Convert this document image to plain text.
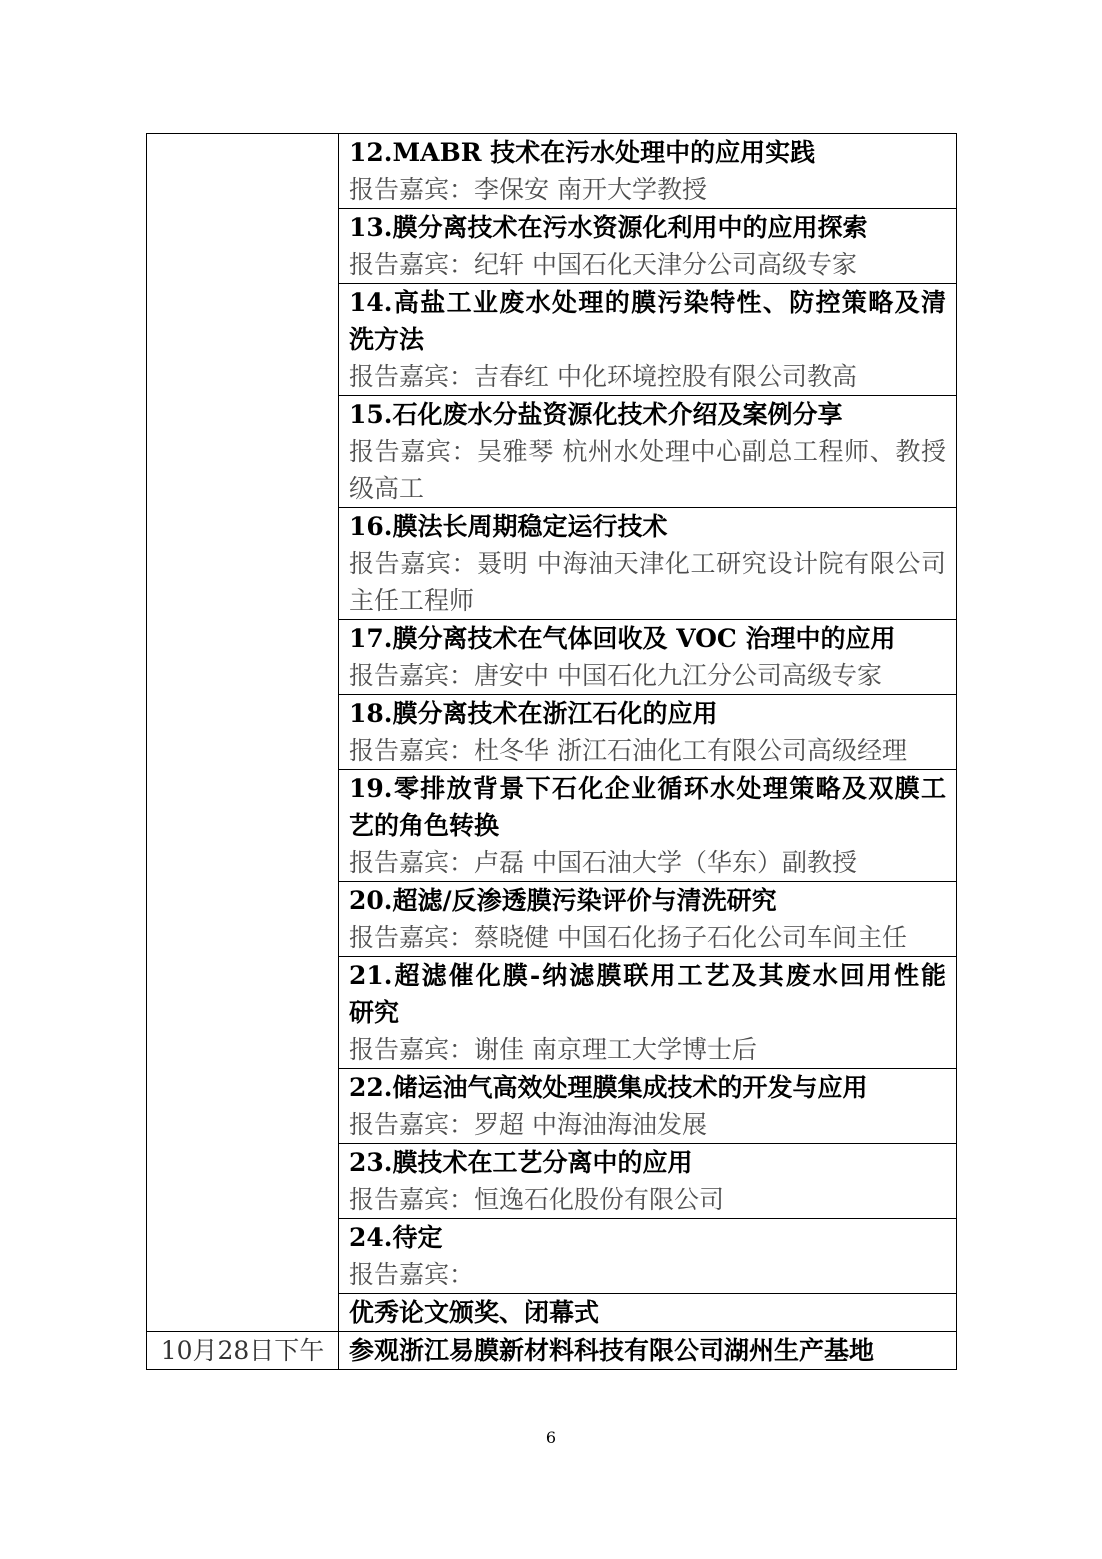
	12.MABR 技术在污水处理中的应用实践
报告嘉宾：李保安 南开大学教授

	13.膜分离技术在污水资源化利用中的应用探索
报告嘉宾：纪轩 中国石化天津分公司高级专家

	14.高盐工业废水处理的膜污染特性、防控策略及清
洗方法
报告嘉宾：吉春红 中化环境控股有限公司教高

	15.石化废水分盐资源化技术介绍及案例分享
报告嘉宾：吴雅琴 杭州水处理中心副总工程师、教授
级高工

	16.膜法长周期稳定运行技术
报告嘉宾：聂明 中海油天津化工研究设计院有限公司
主任工程师

	17.膜分离技术在气体回收及 VOC 治理中的应用
报告嘉宾：唐安中 中国石化九江分公司高级专家

	18.膜分离技术在浙江石化的应用
报告嘉宾：杜冬华 浙江石油化工有限公司高级经理

	19.零排放背景下石化企业循环水处理策略及双膜工
艺的角色转换
报告嘉宾：卢磊 中国石油大学（华东）副教授

	20.超滤/反渗透膜污染评价与清洗研究
报告嘉宾：蔡晓健 中国石化扬子石化公司车间主任

	21.超滤催化膜-纳滤膜联用工艺及其废水回用性能
研究
报告嘉宾：谢佳 南京理工大学博士后

	22.储运油气高效处理膜集成技术的开发与应用
报告嘉宾：罗超 中海油海油发展

	23.膜技术在工艺分离中的应用
报告嘉宾：恒逸石化股份有限公司

	24.待定
报告嘉宾：

	优秀论文颁奖、闭幕式

10月28日下午	参观浙江易膜新材料科技有限公司湖州生产基地
6
